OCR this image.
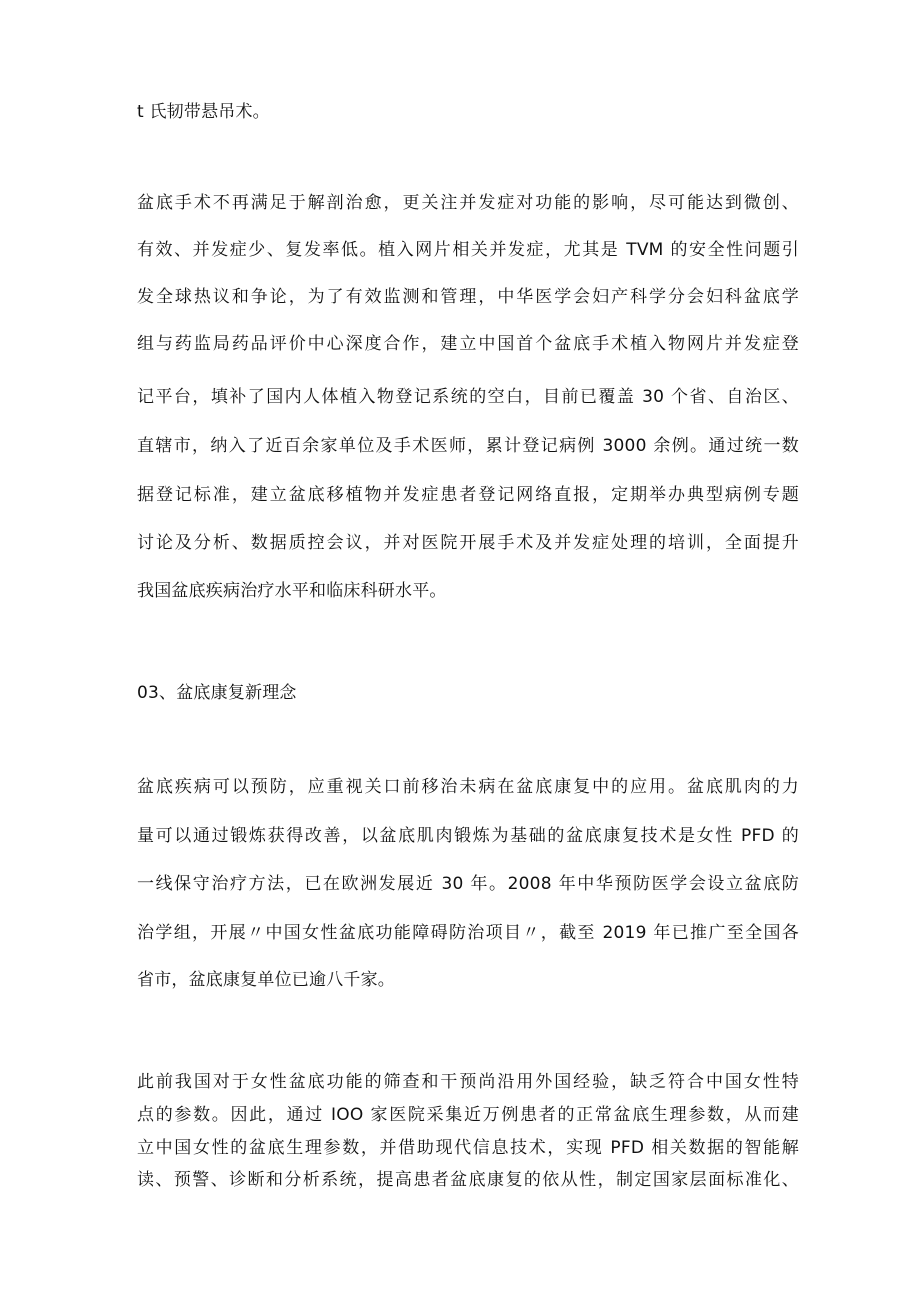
t 氏韧带悬吊术。
盆底手术不再满足于解剖治愈，更关注并发症对功能的影响，尽可能达到微创、
有效、并发症少、复发率低。植入网片相关并发症，尤其是 TVM 的安全性问题引
发全球热议和争论，为了有效监测和管理，中华医学会妇产科学分会妇科盆底学
组与药监局药品评价中心深度合作，建立中国首个盆底手术植入物网片并发症登
记平台，填补了国内人体植入物登记系统的空白，目前已覆盖 30 个省、自治区、
直辖市，纳入了近百余家单位及手术医师，累计登记病例 3000 余例。通过统一数
据登记标准，建立盆底移植物并发症患者登记网络直报，定期举办典型病例专题
讨论及分析、数据质控会议，并对医院开展手术及并发症处理的培训，全面提升
我国盆底疾病治疗水平和临床科研水平。
03、盆底康复新理念
盆底疾病可以预防，应重视关口前移治未病在盆底康复中的应用。盆底肌肉的力
量可以通过锻炼获得改善，以盆底肌肉锻炼为基础的盆底康复技术是女性 PFD 的
一线保守治疗方法，已在欧洲发展近 30 年。2008 年中华预防医学会设立盆底防
治学组，开展〃中国女性盆底功能障碍防治项目〃，截至 2019 年已推广至全国各
省市，盆底康复单位已逾八千家。
此前我国对于女性盆底功能的筛查和干预尚沿用外国经验，缺乏符合中国女性特
点的参数。因此，通过 IOO 家医院采集近万例患者的正常盆底生理参数，从而建
立中国女性的盆底生理参数，并借助现代信息技术，实现 PFD 相关数据的智能解
读、预警、诊断和分析系统，提高患者盆底康复的依从性，制定国家层面标准化、
